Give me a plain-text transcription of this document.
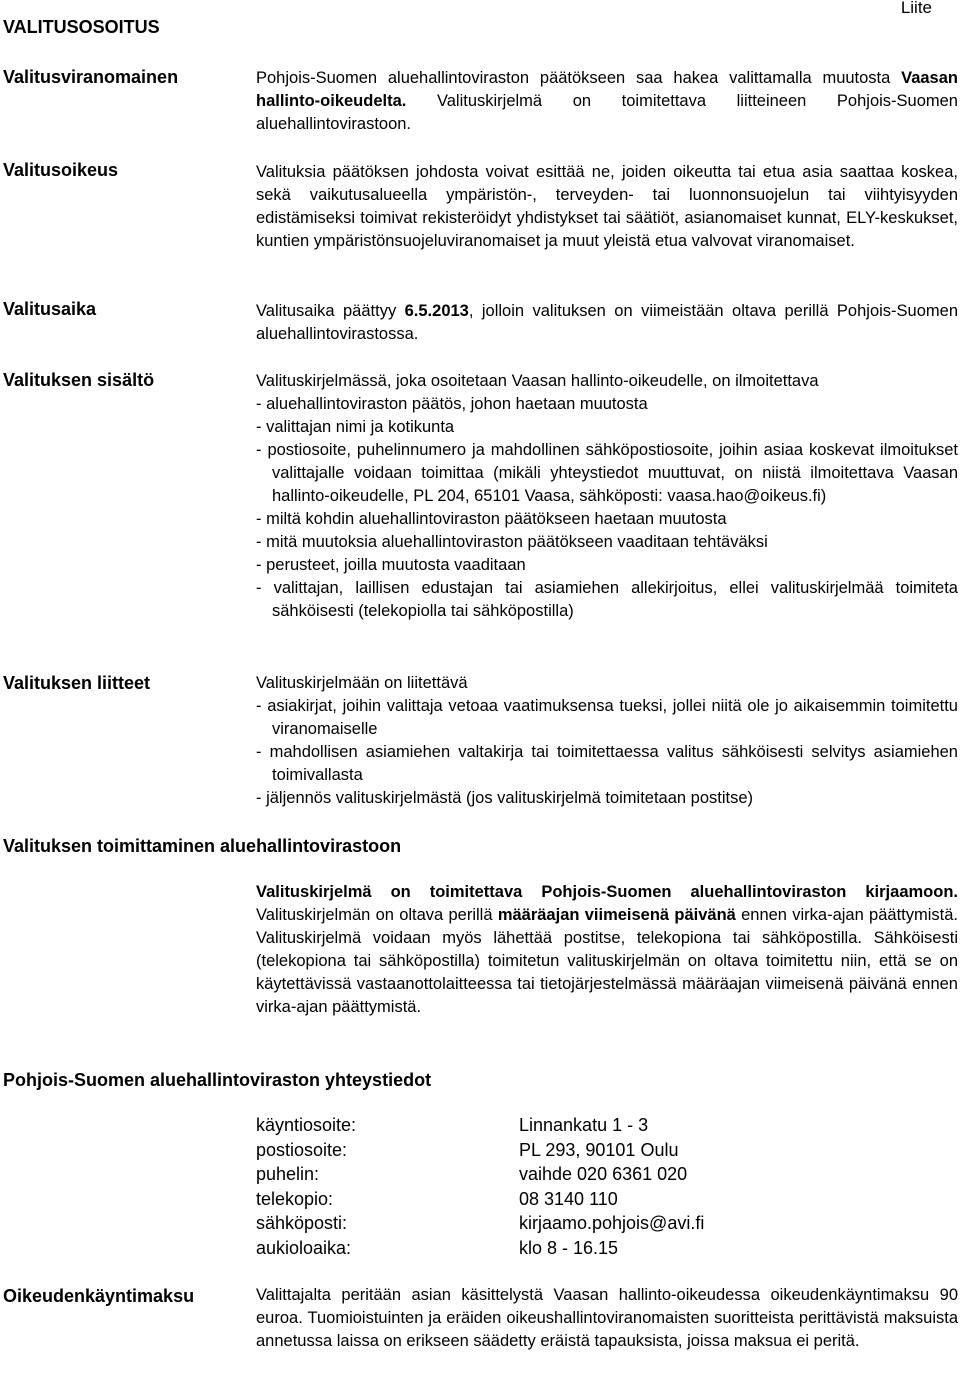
VALITUSOSOITUS
Liite
Valitusviranomainen	Pohjois-Suomen aluehallintoviraston päätökseen saa hakea valittamalla muutosta Vaasan hallinto-oikeudelta. Valituskirjelmä on toimitettava liitteineen Pohjois-Suomen aluehallintovirastoon.
Valitusoikeus	Valituksia päätöksen johdosta voivat esittää ne, joiden oikeutta tai etua asia saattaa koskea, sekä vaikutusalueella ympäristön-, terveyden- tai luonnonsuojelun tai viihtyisyyden edistämiseksi toimivat rekisteröidyt yhdistykset tai säätiöt, asianomaiset kunnat, ELY-keskukset, kuntien ympäristönsuojeluviranomaiset ja muut yleistä etua valvovat viranomaiset.
Valitusaika	Valitusaika päättyy 6.5.2013, jolloin valituksen on viimeistään oltava perillä Pohjois-Suomen aluehallintovirastossa.
Valituksen sisältö	Valituskirjelmässä, joka osoitetaan Vaasan hallinto-oikeudelle, on ilmoitettava
- aluehallintoviraston päätös, johon haetaan muutosta
- valittajan nimi ja kotikunta
- postiosoite, puhelinnumero ja mahdollinen sähköpostiosoite, joihin asiaa koskevat ilmoitukset valittajalle voidaan toimittaa (mikäli yhteystiedot muuttuvat, on niistä ilmoitettava Vaasan hallinto-oikeudelle, PL 204, 65101 Vaasa, sähköposti: vaasa.hao@oikeus.fi)
- miltä kohdin aluehallintoviraston päätökseen haetaan muutosta
- mitä muutoksia aluehallintoviraston päätökseen vaaditaan tehtäväksi
- perusteet, joilla muutosta vaaditaan
- valittajan, laillisen edustajan tai asiamiehen allekirjoitus, ellei valituskirjelmää toimiteta sähköisesti (telekopiolla tai sähköpostilla)
Valituksen liitteet	Valituskirjelmään on liitettävä
- asiakirjat, joihin valittaja vetoaa vaatimuksensa tueksi, jollei niitä ole jo aikaisemmin toimitettu viranomaiselle
- mahdollisen asiamiehen valtakirja tai toimitettaessa valitus sähköisesti selvitys asiamiehen toimivallasta
- jäljennös valituskirjelmästä (jos valituskirjelmä toimitetaan postitse)
Valituksen toimittaminen aluehallintovirastoon
Valituskirjelmä on toimitettava Pohjois-Suomen aluehallintoviraston kirjaamoon. Valituskirjelmän on oltava perillä määräajan viimeisenä päivänä ennen virka-ajan päättymistä. Valituskirjelmä voidaan myös lähettää postitse, telekopiona tai sähköpostilla. Sähköisesti (telekopiona tai sähköpostilla) toimitetun valituskirjelmän on oltava toimitettu niin, että se on käytettävissä vastaanottolaitteessa tai tietojärjestelmässä määräajan viimeisenä päivänä ennen virka-ajan päättymistä.
Pohjois-Suomen aluehallintoviraston yhteystiedot
käyntiosoite:	Linnankatu 1 - 3
postiosoite:	PL 293, 90101 Oulu
puhelin:	vaihde 020 6361 020
telekopio:	08 3140 110
sähköposti:	kirjaamo.pohjois@avi.fi
aukioloaika:	klo 8 - 16.15
Oikeudenkäyntimaksu	Valittajalta peritään asian käsittelystä Vaasan hallinto-oikeudessa oikeudenkäyntimaksu 90 euroa. Tuomioistuinten ja eräiden oikeushallintoviranomaisten suoritteista perittävistä maksuista annetussa laissa on erikseen säädetty eräistä tapauksista, joissa maksua ei peritä.
